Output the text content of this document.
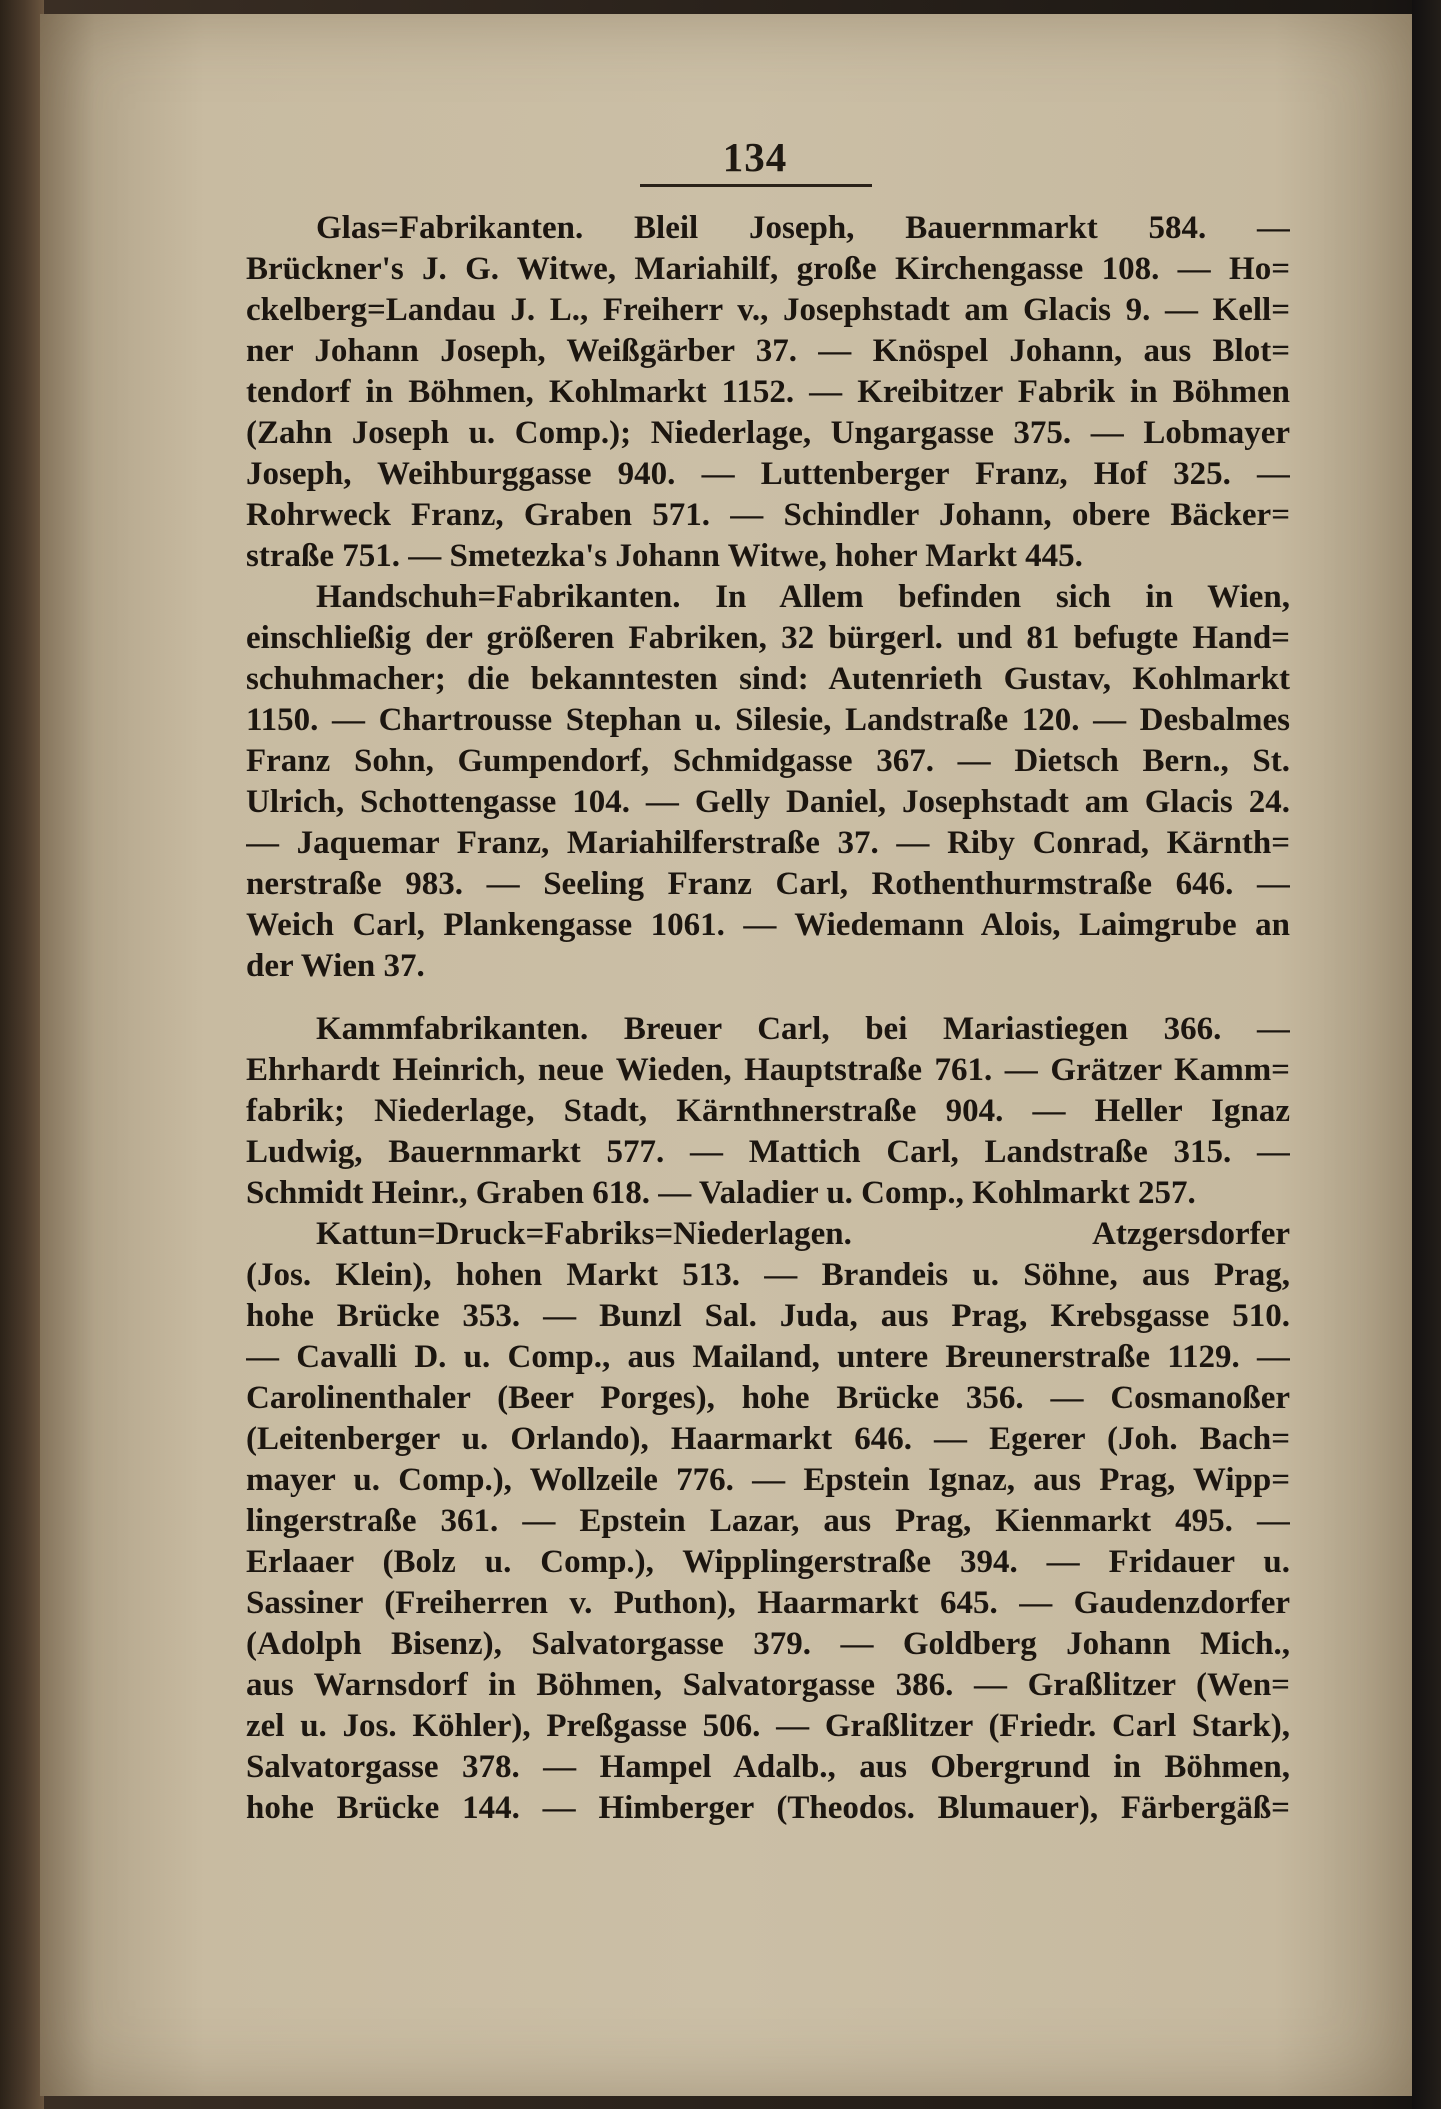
134
Glas=Fabrikanten. Bleil Joseph, Bauernmarkt 584. —
Brückner's J. G. Witwe, Mariahilf, große Kirchengasse 108. — Ho=
ckelberg=Landau J. L., Freiherr v., Josephstadt am Glacis 9. — Kell=
ner Johann Joseph, Weißgärber 37. — Knöspel Johann, aus Blot=
tendorf in Böhmen, Kohlmarkt 1152. — Kreibitzer Fabrik in Böhmen
(Zahn Joseph u. Comp.); Niederlage, Ungargasse 375. — Lobmayer
Joseph, Weihburggasse 940. — Luttenberger Franz, Hof 325. —
Rohrweck Franz, Graben 571. — Schindler Johann, obere Bäcker=
straße 751. — Smetezka's Johann Witwe, hoher Markt 445.
Handschuh=Fabrikanten. In Allem befinden sich in Wien,
einschließig der größeren Fabriken, 32 bürgerl. und 81 befugte Hand=
schuhmacher; die bekanntesten sind: Autenrieth Gustav, Kohlmarkt
1150. — Chartrousse Stephan u. Silesie, Landstraße 120. — Desbalmes
Franz Sohn, Gumpendorf, Schmidgasse 367. — Dietsch Bern., St.
Ulrich, Schottengasse 104. — Gelly Daniel, Josephstadt am Glacis 24.
— Jaquemar Franz, Mariahilferstraße 37. — Riby Conrad, Kärnth=
nerstraße 983. — Seeling Franz Carl, Rothenthurmstraße 646. —
Weich Carl, Plankengasse 1061. — Wiedemann Alois, Laimgrube an
der Wien 37.
Kammfabrikanten. Breuer Carl, bei Mariastiegen 366. —
Ehrhardt Heinrich, neue Wieden, Hauptstraße 761. — Grätzer Kamm=
fabrik; Niederlage, Stadt, Kärnthnerstraße 904. — Heller Ignaz
Ludwig, Bauernmarkt 577. — Mattich Carl, Landstraße 315. —
Schmidt Heinr., Graben 618. — Valadier u. Comp., Kohlmarkt 257.
Kattun=Druck=Fabriks=Niederlagen. Atzgersdorfer
(Jos. Klein), hohen Markt 513. — Brandeis u. Söhne, aus Prag,
hohe Brücke 353. — Bunzl Sal. Juda, aus Prag, Krebsgasse 510.
— Cavalli D. u. Comp., aus Mailand, untere Breunerstraße 1129. —
Carolinenthaler (Beer Porges), hohe Brücke 356. — Cosmanoßer
(Leitenberger u. Orlando), Haarmarkt 646. — Egerer (Joh. Bach=
mayer u. Comp.), Wollzeile 776. — Epstein Ignaz, aus Prag, Wipp=
lingerstraße 361. — Epstein Lazar, aus Prag, Kienmarkt 495. —
Erlaaer (Bolz u. Comp.), Wipplingerstraße 394. — Fridauer u.
Sassiner (Freiherren v. Puthon), Haarmarkt 645. — Gaudenzdorfer
(Adolph Bisenz), Salvatorgasse 379. — Goldberg Johann Mich.,
aus Warnsdorf in Böhmen, Salvatorgasse 386. — Graßlitzer (Wen=
zel u. Jos. Köhler), Preßgasse 506. — Graßlitzer (Friedr. Carl Stark),
Salvatorgasse 378. — Hampel Adalb., aus Obergrund in Böhmen,
hohe Brücke 144. — Himberger (Theodos. Blumauer), Färbergäß=
